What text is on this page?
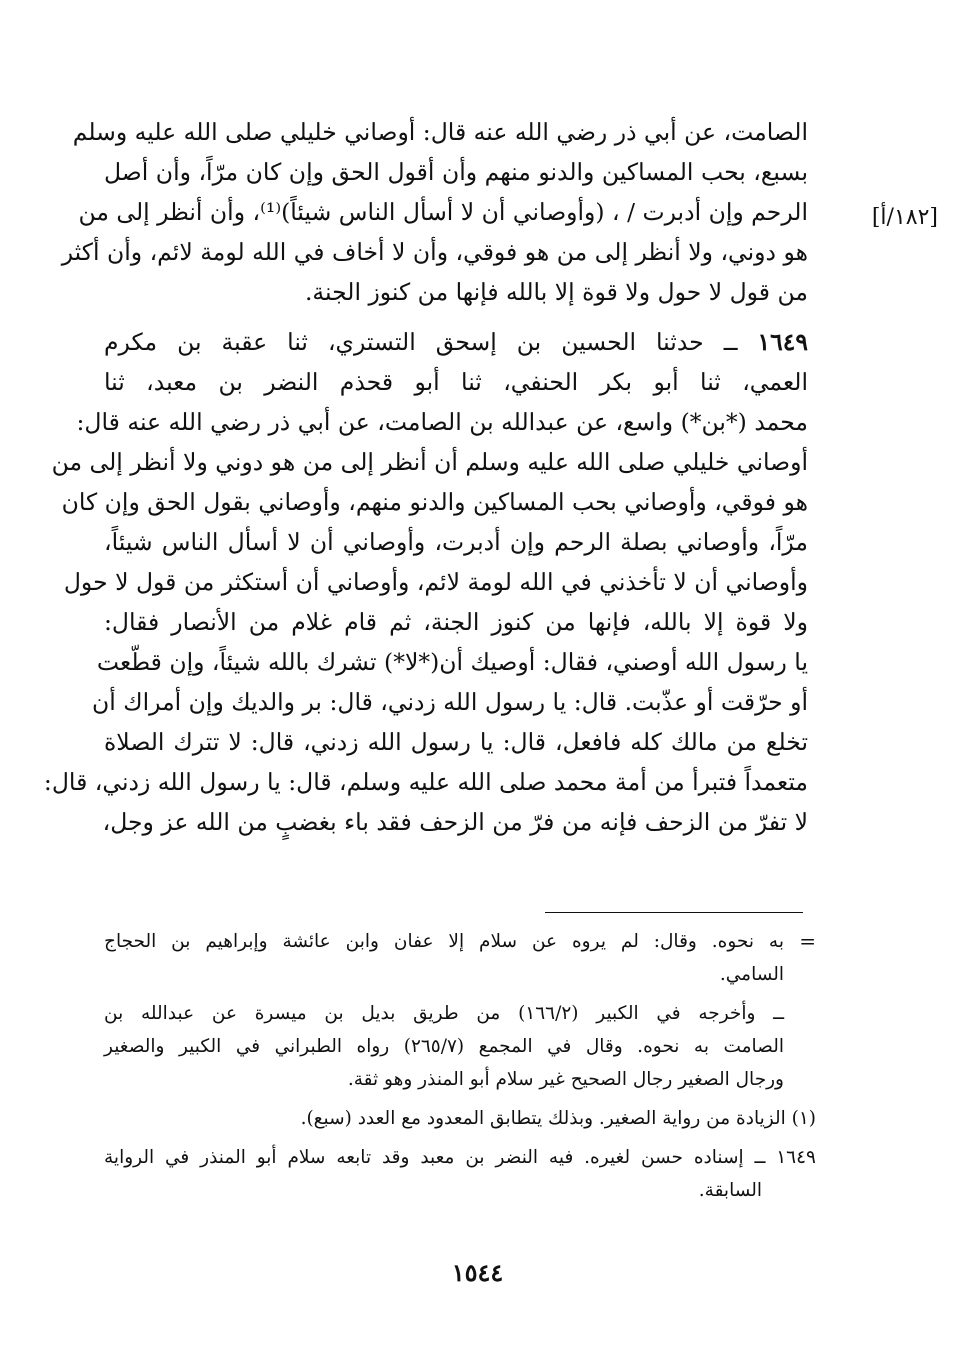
[١٨٢/أ]
الصامت، عن أبي ذر رضي الله عنه قال: أوصاني خليلي صلى الله عليه وسلم
بسبع، بحب المساكين والدنو منهم وأن أقول الحق وإن كان مرّاً، وأن أصل
الرحم وإن أدبرت / ، (وأوصاني أن لا أسأل الناس شيئاً)⁽¹⁾، وأن أنظر إلى من
هو دوني، ولا أنظر إلى من هو فوقي، وأن لا أخاف في الله لومة لائم، وأن أكثر
من قول لا حول ولا قوة إلا بالله فإنها من كنوز الجنة.
١٦٤٩ ــ حدثنا الحسين بن إسحق التستري، ثنا عقبة بن مكرم
العمي، ثنا أبو بكر الحنفي، ثنا أبو قحذم النضر بن معبد، ثنا
محمد (*بن*) واسع، عن عبدالله بن الصامت، عن أبي ذر رضي الله عنه قال:
أوصاني خليلي صلى الله عليه وسلم أن أنظر إلى من هو دوني ولا أنظر إلى من
هو فوقي، وأوصاني بحب المساكين والدنو منهم، وأوصاني بقول الحق وإن كان
مرّاً، وأوصاني بصلة الرحم وإن أدبرت، وأوصاني أن لا أسأل الناس شيئاً،
وأوصاني أن لا تأخذني في الله لومة لائم، وأوصاني أن أستكثر من قول لا حول
ولا قوة إلا بالله، فإنها من كنوز الجنة، ثم قام غلام من الأنصار فقال:
يا رسول الله أوصني، فقال: أوصيك أن(*لا*) تشرك بالله شيئاً، وإن قطّعت
أو حرّقت أو عذّبت. قال: يا رسول الله زدني، قال: بر والديك وإن أمراك أن
تخلع من مالك كله فافعل، قال: يا رسول الله زدني، قال: لا تترك الصلاة
متعمداً فتبرأ من أمة محمد صلى الله عليه وسلم، قال: يا رسول الله زدني، قال:
لا تفرّ من الزحف فإنه من فرّ من الزحف فقد باء بغضبٍ من الله عز وجل،
=
به نحوه. وقال: لم يروه عن سلام إلا عفان وابن عائشة وإبراهيم بن الحجاج
السامي.
ــ وأخرجه في الكبير (١٦٦/٢) من طريق بديل بن ميسرة عن عبدالله بن
الصامت به نحوه. وقال في المجمع (٢٦٥/٧) رواه الطبراني في الكبير والصغير
ورجال الصغير رجال الصحيح غير سلام أبو المنذر وهو ثقة.
(١) الزيادة من رواية الصغير. وبذلك يتطابق المعدود مع العدد (سبع).
١٦٤٩ ــ إسناده حسن لغيره. فيه النضر بن معبد وقد تابعه سلام أبو المنذر في الرواية
السابقة.
١٥٤٤
